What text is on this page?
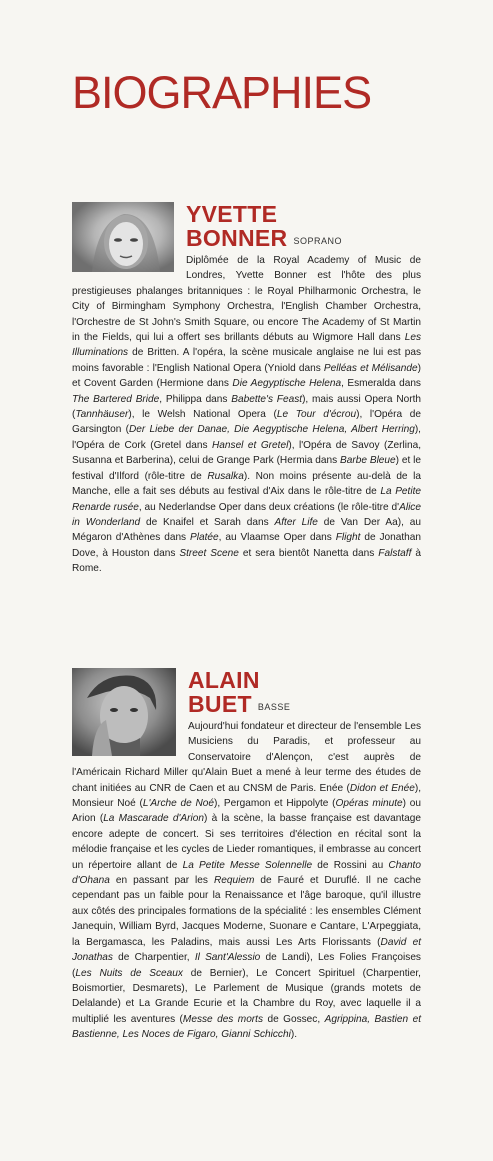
BIOGRAPHIES
YVETTE
BONNER SOPRANO

Diplômée de la Royal Academy of Music de Londres, Yvette Bonner est l'hôte des plus prestigieuses phalanges britanniques : le Royal Philharmonic Orchestra, le City of Birmingham Symphony Orchestra, l'English Chamber Orchestra, l'Orchestre de St John's Smith Square, ou encore The Academy of St Martin in the Fields, qui lui a offert ses brillants débuts au Wigmore Hall dans Les Illuminations de Britten. A l'opéra, la scène musicale anglaise ne lui est pas moins favorable : l'English National Opera (Yniold dans Pelléas et Mélisande) et Covent Garden (Hermione dans Die Aegyptische Helena, Esmeralda dans The Bartered Bride, Philippa dans Babette's Feast), mais aussi Opera North (Tannhäuser), le Welsh National Opera (Le Tour d'écrou), l'Opéra de Garsington (Der Liebe der Danae, Die Aegyptische Helena, Albert Herring), l'Opéra de Cork (Gretel dans Hansel et Gretel), l'Opéra de Savoy (Zerlina, Susanna et Barberina), celui de Grange Park (Hermia dans Barbe Bleue) et le festival d'Ilford (rôle-titre de Rusalka). Non moins présente au-delà de la Manche, elle a fait ses débuts au festival d'Aix dans le rôle-titre de La Petite Renarde rusée, au Nederlandse Oper dans deux créations (le rôle-titre d'Alice in Wonderland de Knaifel et Sarah dans After Life de Van Der Aa), au Mégaron d'Athènes dans Platée, au Vlaamse Oper dans Flight de Jonathan Dove, à Houston dans Street Scene et sera bientôt Nanetta dans Falstaff à Rome.

ALAIN
BUET BASSE

Aujourd'hui fondateur et directeur de l'ensemble Les Musiciens du Paradis, et professeur au Conservatoire d'Alençon, c'est auprès de l'Américain Richard Miller qu'Alain Buet a mené à leur terme des études de chant initiées au CNR de Caen et au CNSM de Paris. Enée (Didon et Enée), Monsieur Noé (L'Arche de Noé), Pergamon et Hippolyte (Opéras minute) ou Arion (La Mascarade d'Arion) à la scène, la basse française est davantage encore adepte de concert. Si ses territoires d'élection en récital sont la mélodie française et les cycles de Lieder romantiques, il embrasse au concert un répertoire allant de La Petite Messe Solennelle de Rossini au Chanto d'Ohana en passant par les Requiem de Fauré et Duruflé. Il ne cache cependant pas un faible pour la Renaissance et l'âge baroque, qu'il illustre aux côtés des principales formations de la spécialité : les ensembles Clément Janequin, William Byrd, Jacques Moderne, Suonare e Cantare, L'Arpeggiata, la Bergamasca, les Paladins, mais aussi Les Arts Florissants (David et Jonathas de Charpentier, Il Sant'Alessio de Landi), Les Folies Françoises (Les Nuits de Sceaux de Bernier), Le Concert Spirituel (Charpentier, Boismortier, Desmarets), Le Parlement de Musique (grands motets de Delalande) et La Grande Ecurie et la Chambre du Roy, avec laquelle il a multiplié les aventures (Messe des morts de Gossec, Agrippina, Bastien et Bastienne, Les Noces de Figaro, Gianni Schicchi).
